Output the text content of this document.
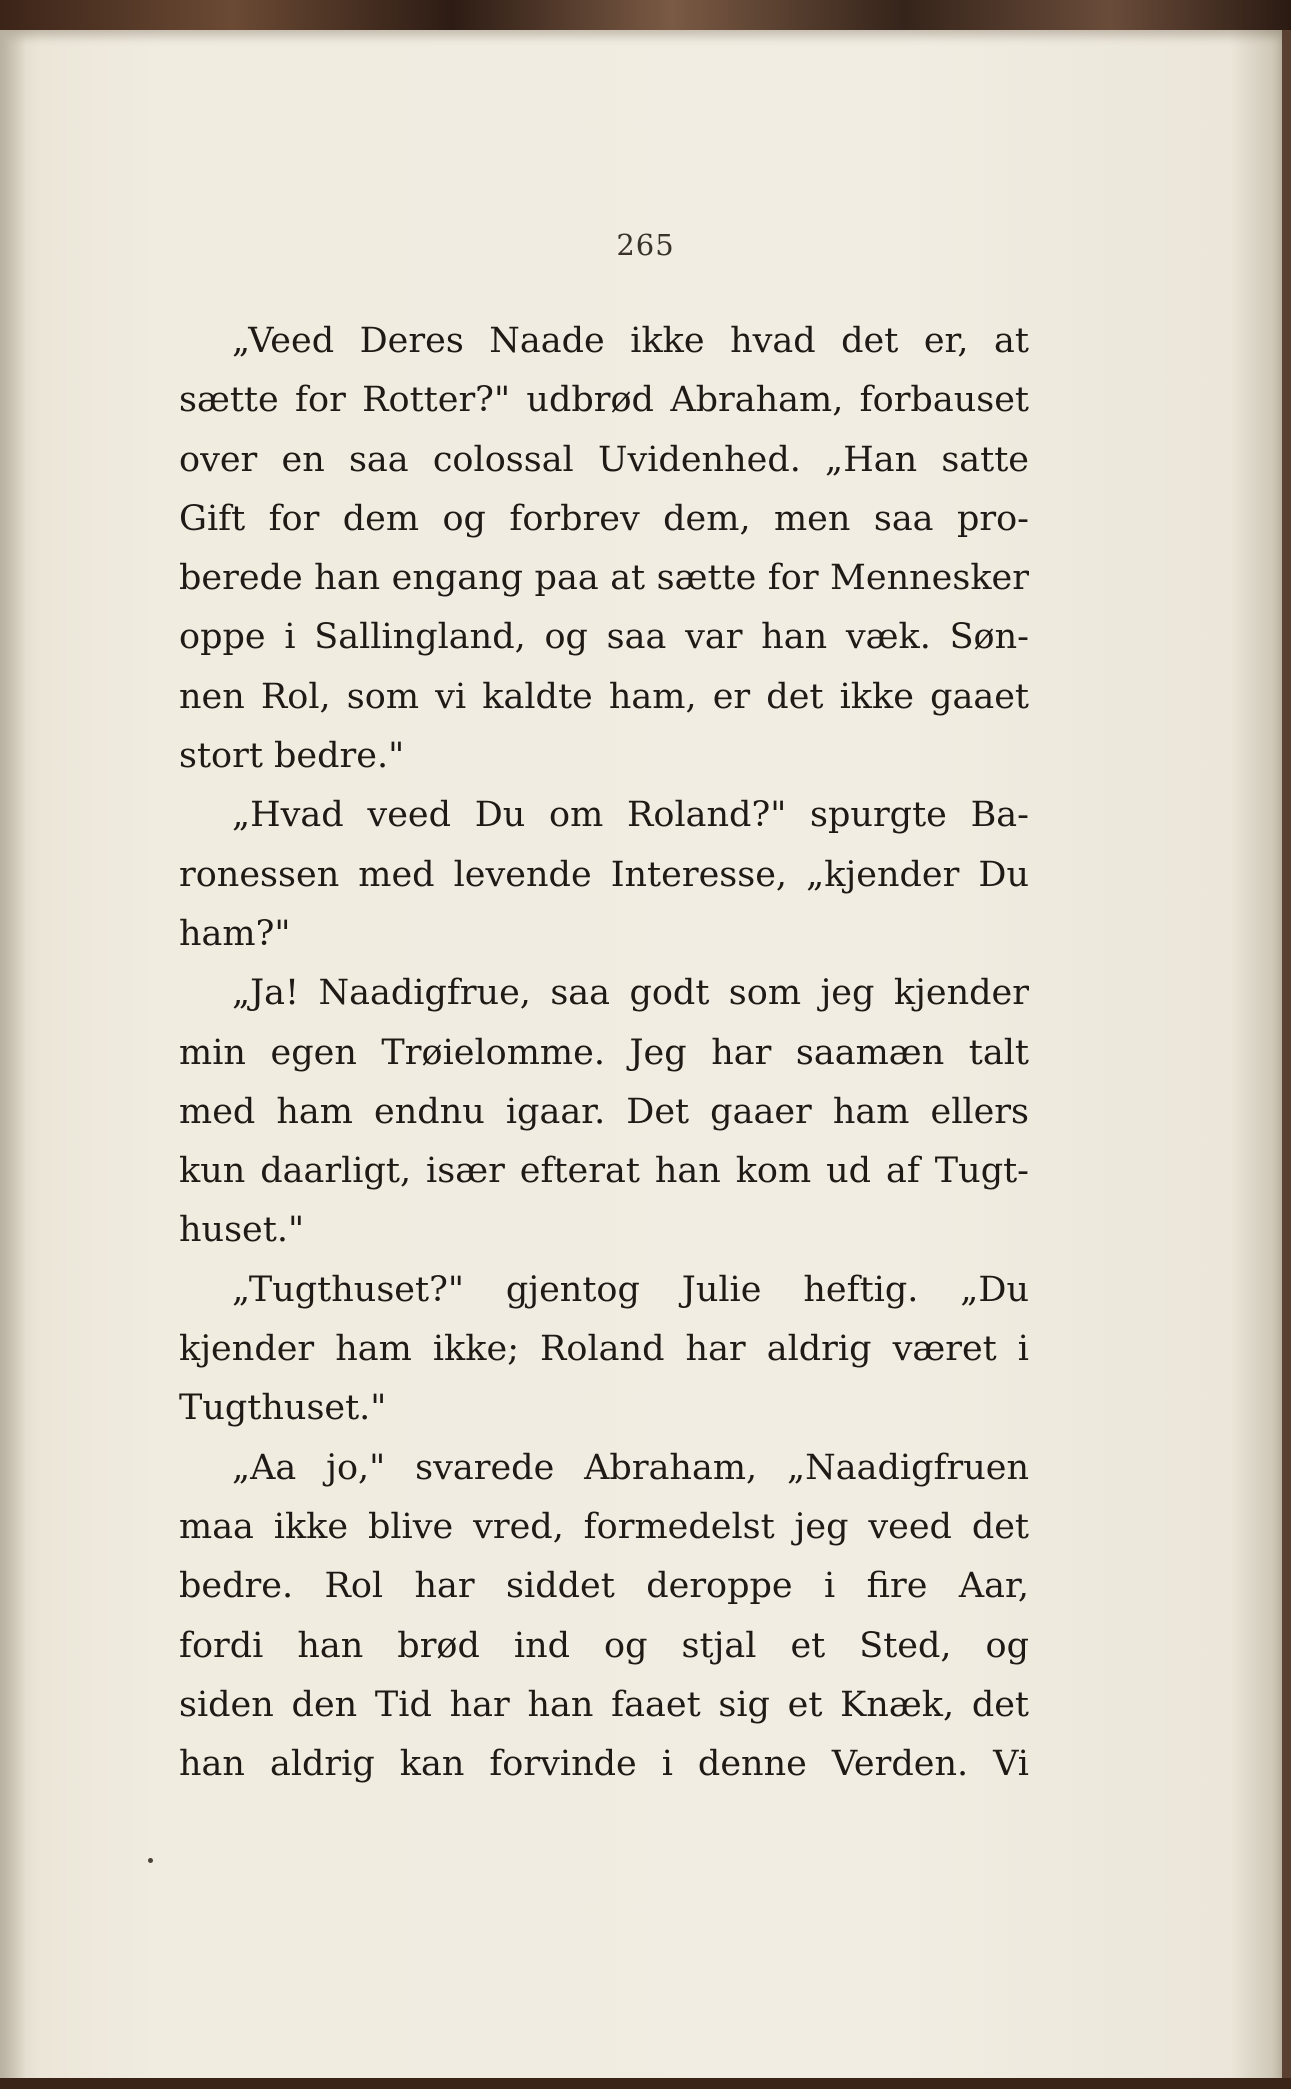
265
„Veed Deres Naade ikke hvad det er, at
sætte for Rotter?" udbrød Abraham, forbauset
over en saa colossal Uvidenhed. „Han satte
Gift for dem og forbrev dem, men saa pro-
berede han engang paa at sætte for Mennesker
oppe i Sallingland, og saa var han væk. Søn-
nen Rol, som vi kaldte ham, er det ikke gaaet
stort bedre."
„Hvad veed Du om Roland?" spurgte Ba-
ronessen med levende Interesse, „kjender Du
ham?"
„Ja! Naadigfrue, saa godt som jeg kjender
min egen Trøielomme. Jeg har saamæn talt
med ham endnu igaar. Det gaaer ham ellers
kun daarligt, især efterat han kom ud af Tugt-
huset."
„Tugthuset?" gjentog Julie heftig. „Du
kjender ham ikke; Roland har aldrig været i
Tugthuset."
„Aa jo," svarede Abraham, „Naadigfruen
maa ikke blive vred, formedelst jeg veed det
bedre. Rol har siddet deroppe i fire Aar,
fordi han brød ind og stjal et Sted, og
siden den Tid har han faaet sig et Knæk, det
han aldrig kan forvinde i denne Verden. Vi
